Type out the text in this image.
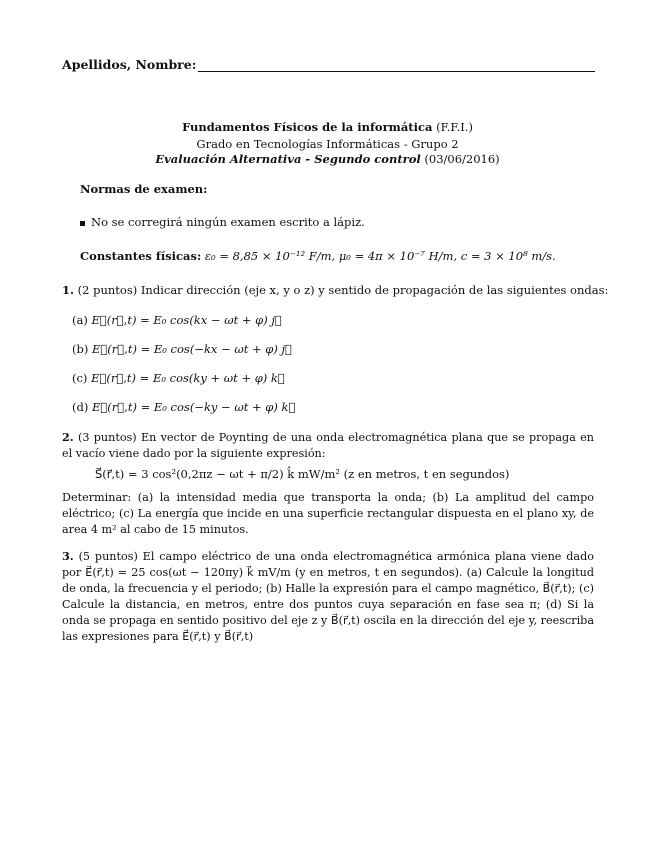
Apellidos, Nombre:
Fundamentos Físicos de la informática (F.F.I.)
Grado en Tecnologías Informáticas - Grupo 2
Evaluación Alternativa - Segundo control (03/06/2016)
Normas de examen:
No se corregirá ningún examen escrito a lápiz.
Constantes físicas: ε₀ = 8,85 × 10⁻¹² F/m, μ₀ = 4π × 10⁻⁷ H/m, c = 3 × 10⁸ m/s.
1. (2 puntos) Indicar dirección (eje x, y o z) y sentido de propagación de las siguientes ondas:
(a) E⃗(r⃗,t) = E₀ cos(kx − ωt + φ) j⃗
(b) E⃗(r⃗,t) = E₀ cos(−kx − ωt + φ) j⃗
(c) E⃗(r⃗,t) = E₀ cos(ky + ωt + φ) k⃗
(d) E⃗(r⃗,t) = E₀ cos(−ky − ωt + φ) k⃗
2. (3 puntos) En vector de Poynting de una onda electromagnética plana que se propaga en el vacío viene dado por la siguiente expresión:
S⃗(r⃗,t) = 3 cos²(0,2πz − ωt + π/2) k̂ mW/m² (z en metros, t en segundos)
Determinar: (a) la intensidad media que transporta la onda; (b) La amplitud del campo eléctrico; (c) La energía que incide en una superficie rectangular dispuesta en el plano xy, de area 4 m² al cabo de 15 minutos.
3. (5 puntos) El campo eléctrico de una onda electromagnética armónica plana viene dado por E⃗(r⃗,t) = 25 cos(ωt − 120πy) k⃗ mV/m (y en metros, t en segundos). (a) Calcule la longitud de onda, la frecuencia y el periodo; (b) Halle la expresión para el campo magnético, B⃗(r⃗,t); (c) Calcule la distancia, en metros, entre dos puntos cuya separación en fase sea π; (d) Si la onda se propaga en sentido positivo del eje z y B⃗(r⃗,t) oscila en la dirección del eje y, reescriba las expresiones para E⃗(r⃗,t) y B⃗(r⃗,t)
